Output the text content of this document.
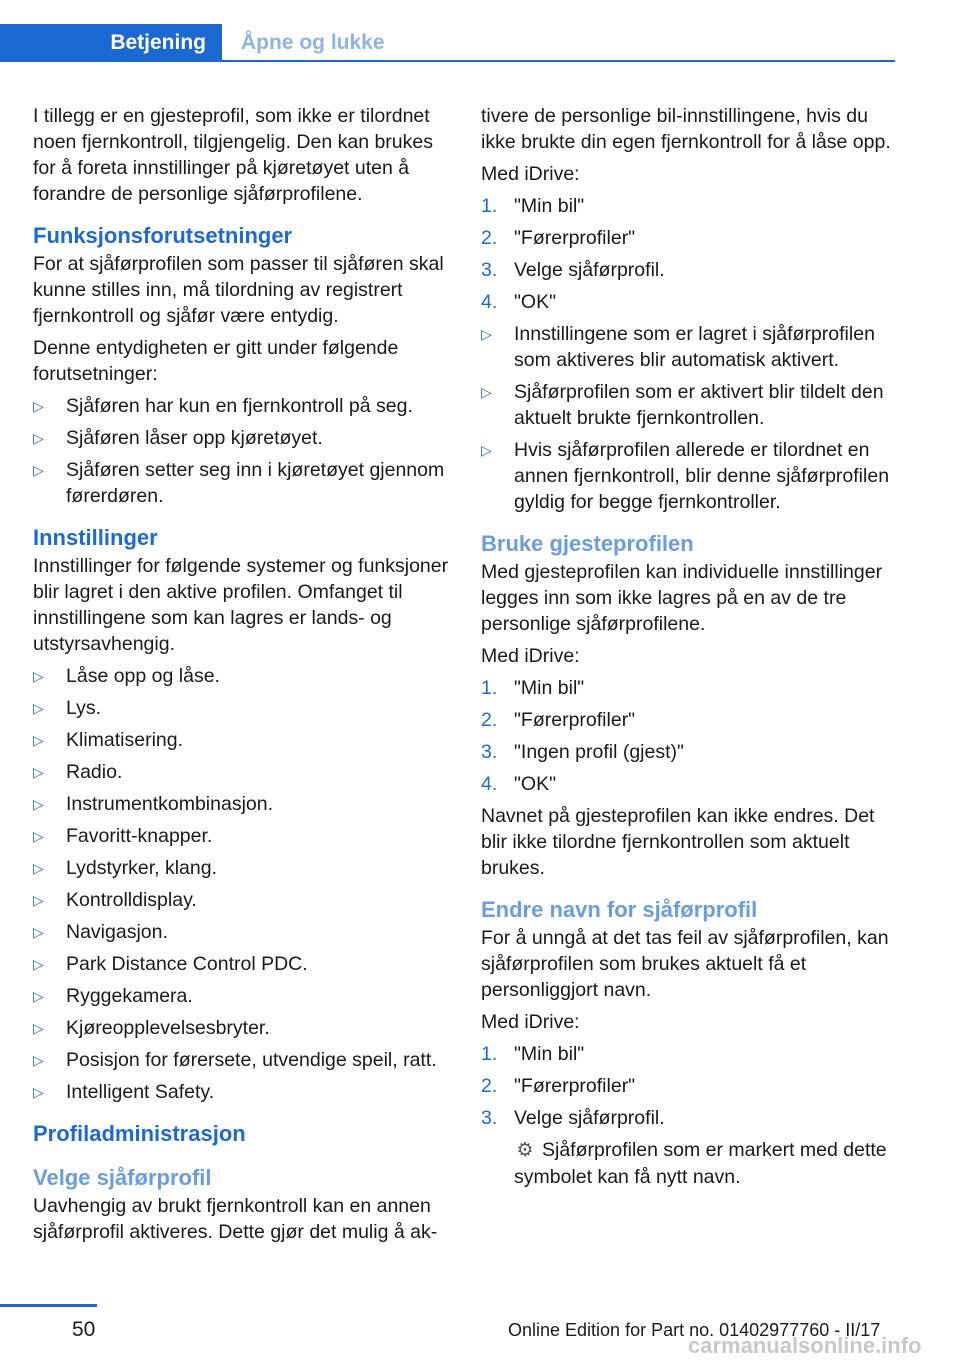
Betjening	Åpne og lukke

I tillegg er en gjesteprofil, som ikke er tilordnet noen fjernkontroll, tilgjengelig. Den kan brukes for å foreta innstillinger på kjøretøyet uten å forandre de personlige sjåførprofilene.

Funksjonsforutsetninger

For at sjåførprofilen som passer til sjåføren skal kunne stilles inn, må tilordning av registrert fjernkontroll og sjåfør være entydig.

Denne entydigheten er gitt under følgende forutsetninger:

▷ Sjåføren har kun en fjernkontroll på seg.
▷ Sjåføren låser opp kjøretøyet.
▷ Sjåføren setter seg inn i kjøretøyet gjennom førerdøren.
Innstillinger

Innstillinger for følgende systemer og funksjoner blir lagret i den aktive profilen. Omfanget til innstillingene som kan lagres er lands- og utstyrsavhengig.

▷ Låse opp og låse.
▷ Lys.
▷ Klimatisering.
▷ Radio.
▷ Instrumentkombinasjon.
▷ Favoritt-knapper.
▷ Lydstyrker, klang.
▷ Kontrolldisplay.
▷ Navigasjon.
▷ Park Distance Control PDC.
▷ Ryggekamera.
▷ Kjøreopplevelsesbryter.
▷ Posisjon for førersete, utvendige speil, ratt.
▷ Intelligent Safety.
Profiladministrasjon
Velge sjåførprofil

Uavhengig av brukt fjernkontroll kan en annen sjåførprofil aktiveres. Dette gjør det mulig å ak-

tivere de personlige bil-innstillingene, hvis du ikke brukte din egen fjernkontroll for å låse opp.

Med iDrive:

1. "Min bil"
2. "Førerprofiler"
3. Velge sjåførprofil.
4. "OK"
▷ Innstillingene som er lagret i sjåførprofilen som aktiveres blir automatisk aktivert.
▷ Sjåførprofilen som er aktivert blir tildelt den aktuelt brukte fjernkontrollen.
▷ Hvis sjåførprofilen allerede er tilordnet en annen fjernkontroll, blir denne sjåførprofilen gyldig for begge fjernkontroller.
Bruke gjesteprofilen

Med gjesteprofilen kan individuelle innstillinger legges inn som ikke lagres på en av de tre personlige sjåførprofilene.

Med iDrive:

1. "Min bil"
2. "Førerprofiler"
3. "Ingen profil (gjest)"
4. "OK"

Navnet på gjesteprofilen kan ikke endres. Det blir ikke tilordne fjernkontrollen som aktuelt brukes.

Endre navn for sjåførprofil

For å unngå at det tas feil av sjåførprofilen, kan sjåførprofilen som brukes aktuelt få et personliggjort navn.

Med iDrive:

1. "Min bil"
2. "Førerprofiler"
3. Velge sjåførprofil.
⚙ Sjåførprofilen som er markert med dette symbolet kan få nytt navn.
50	Online Edition for Part no. 01402977760 - II/17
carmanualsonline.info
